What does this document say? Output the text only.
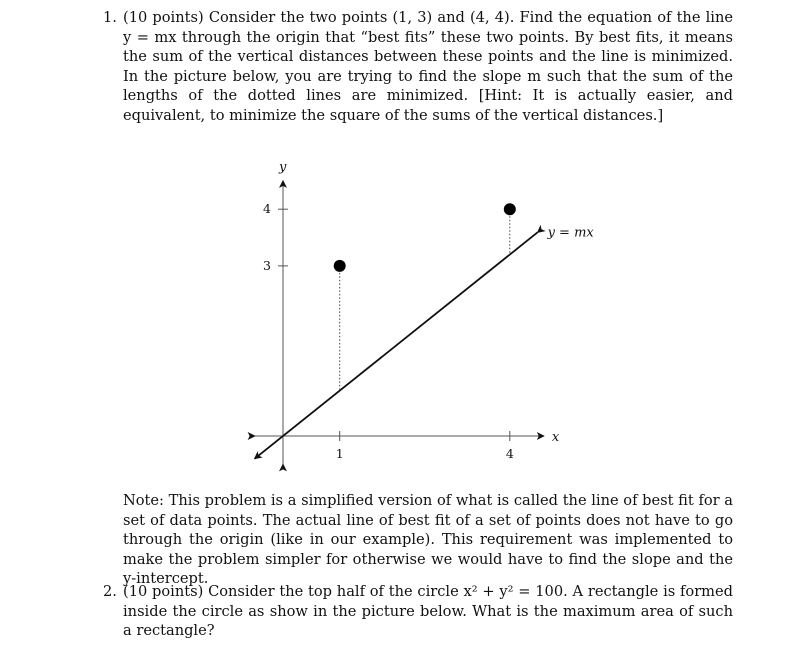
1. (10 points) Consider the two points (1, 3) and (4, 4). Find the equation of the line y = mx through the origin that “best fits” these two points. By best fits, it means the sum of the vertical distances between these points and the line is minimized. In the picture below, you are trying to find the slope m such that the sum of the lengths of the dotted lines are minimized. [Hint: It is actually easier, and equivalent, to minimize the square of the sums of the vertical distances.]
x
y
1	4
3
4
y = mx
Note: This problem is a simplified version of what is called the line of best fit for a set of data points. The actual line of best fit of a set of points does not have to go through the origin (like in our example). This requirement was implemented to make the problem simpler for otherwise we would have to find the slope and the y-intercept.
2. (10 points) Consider the top half of the circle x² + y² = 100. A rectangle is formed inside the circle as show in the picture below. What is the maximum area of such a rectangle?
